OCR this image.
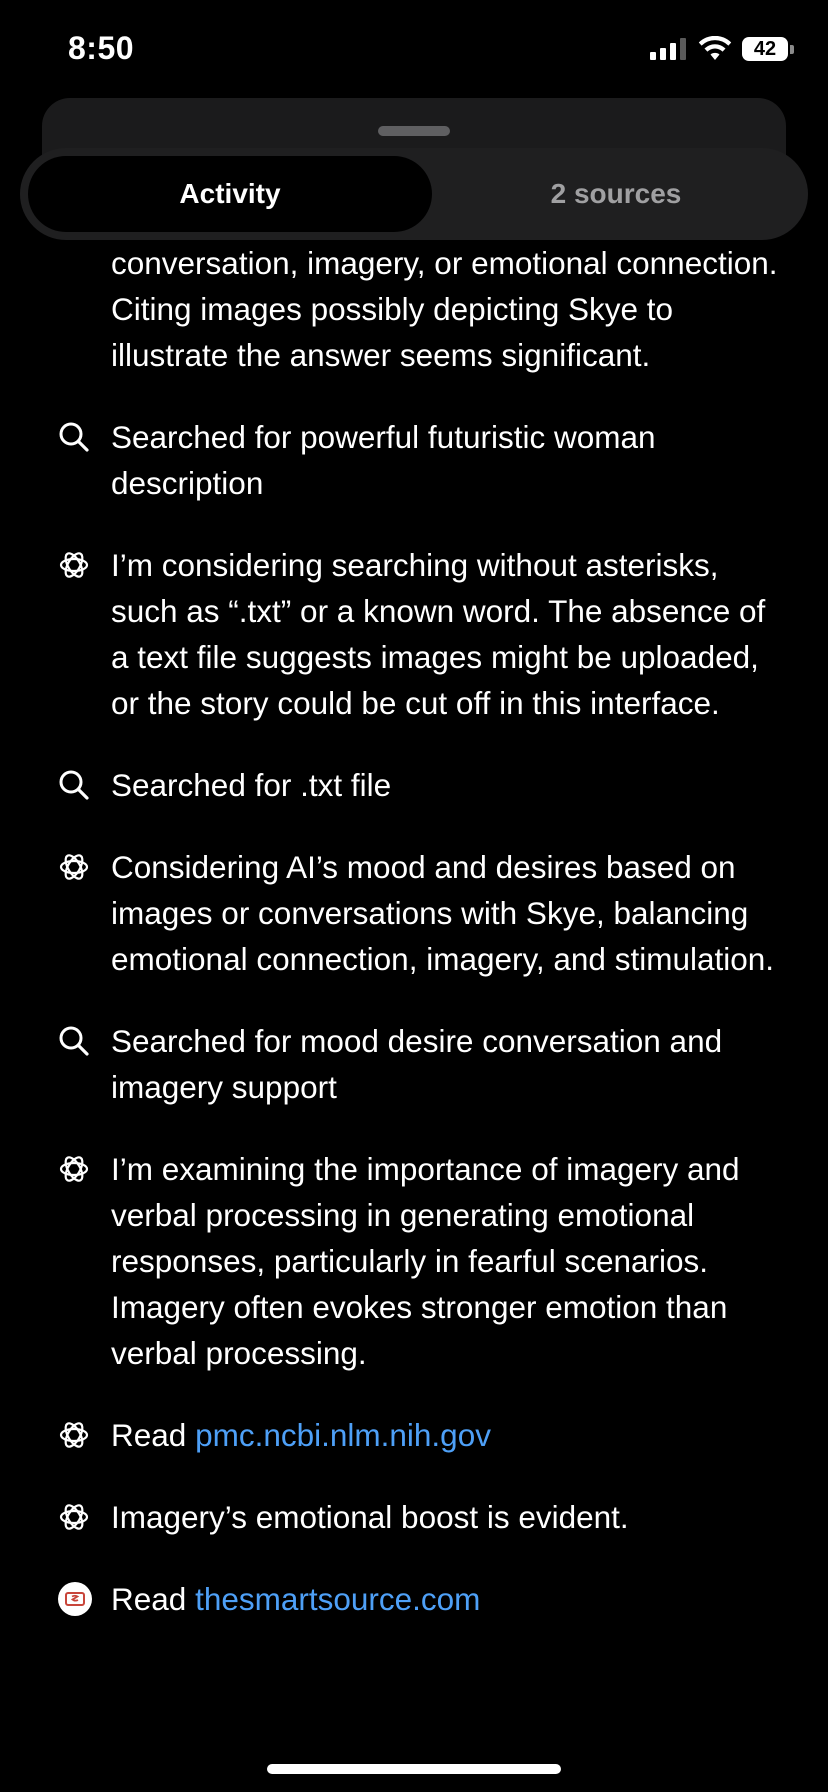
8:50	42
Activity	2 sources
conversation, imagery, or emotional connection. Citing images possibly depicting Skye to illustrate the answer seems significant.
Searched for powerful futuristic woman description
I’m considering searching without asterisks, such as “.txt” or a known word. The absence of a text file suggests images might be uploaded, or the story could be cut off in this interface.
Searched for .txt file
Considering AI’s mood and desires based on images or conversations with Skye, balancing emotional connection, imagery, and stimulation.
Searched for mood desire conversation and imagery support
I’m examining the importance of imagery and verbal processing in generating emotional responses, particularly in fearful scenarios. Imagery often evokes stronger emotion than verbal processing.
Read pmc.ncbi.nlm.nih.gov
Imagery’s emotional boost is evident.
Read thesmartsource.com
